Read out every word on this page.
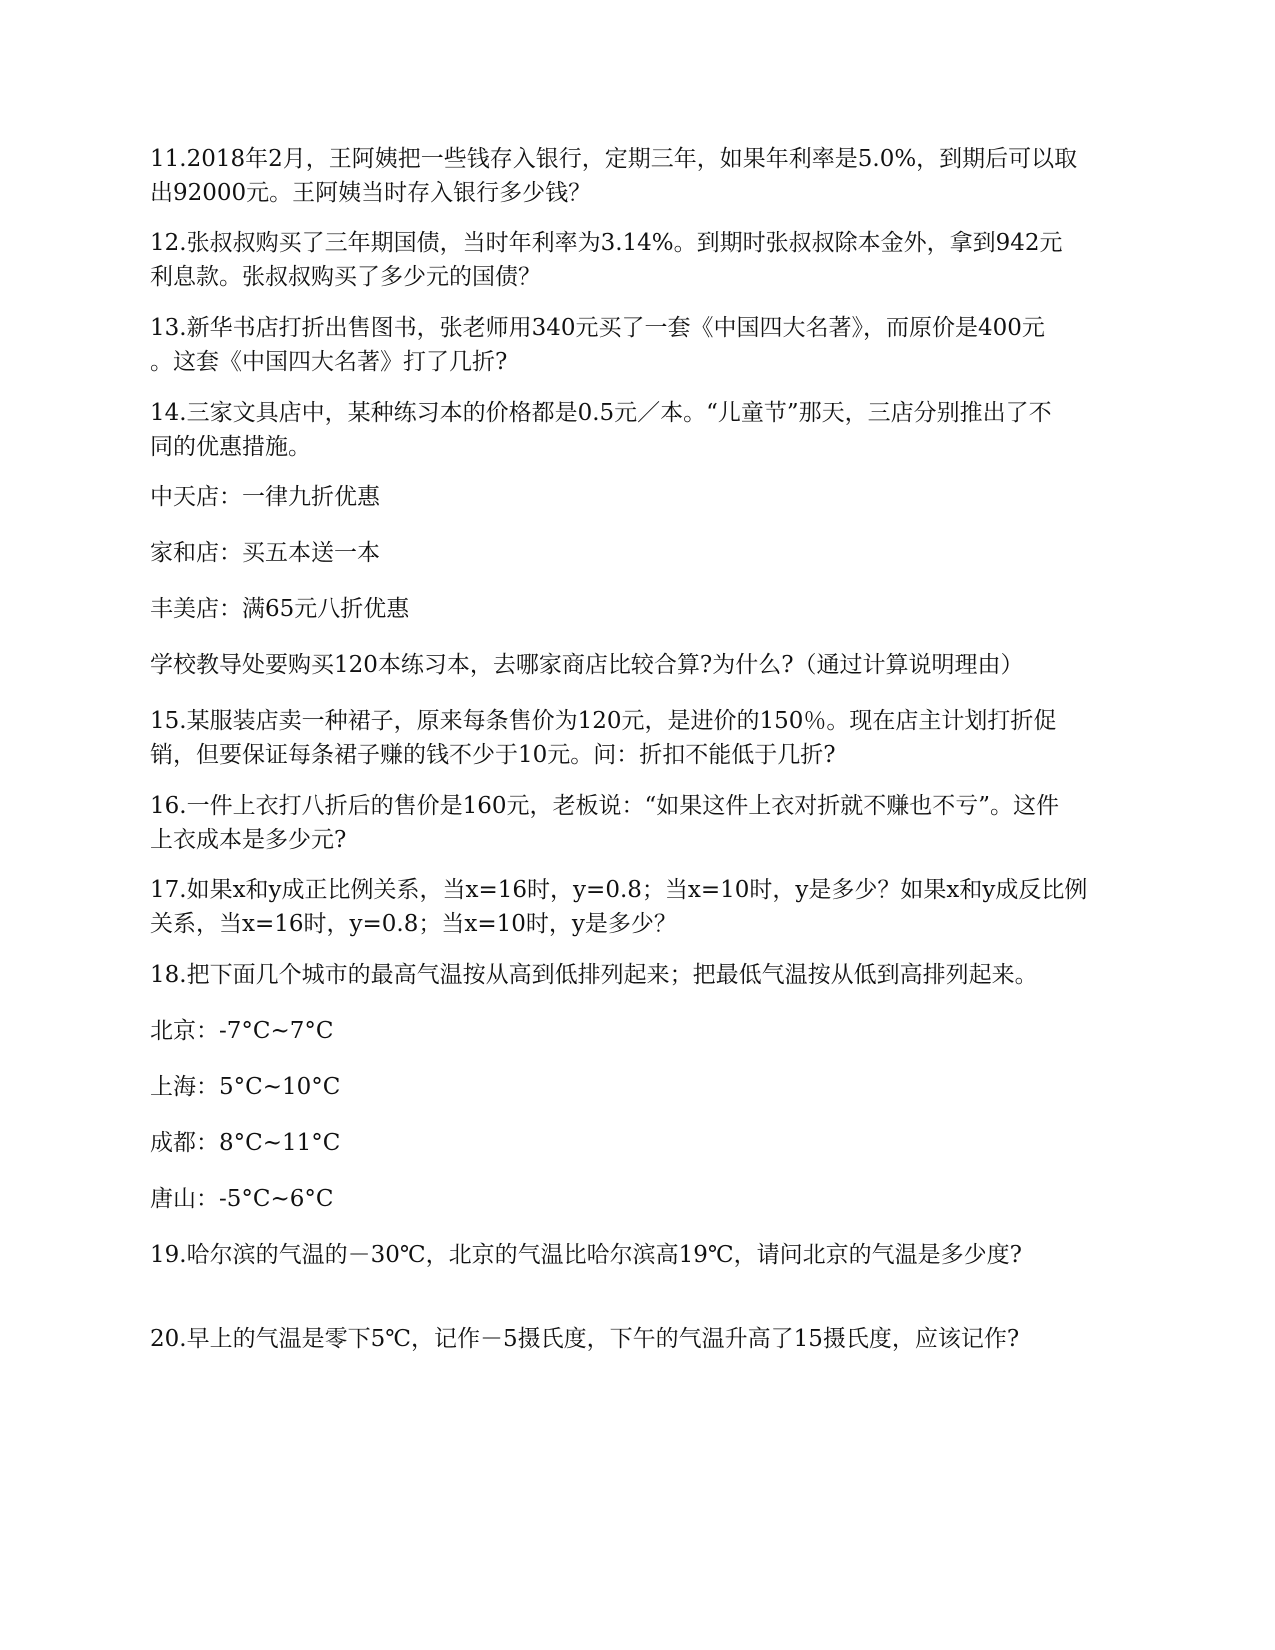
11.2018年2月，王阿姨把一些钱存入银行，定期三年，如果年利率是5.0%，到期后可以取
出92000元。王阿姨当时存入银行多少钱？

12.张叔叔购买了三年期国债，当时年利率为3.14%。到期时张叔叔除本金外，拿到942元
利息款。张叔叔购买了多少元的国债？

13.新华书店打折出售图书，张老师用340元买了一套《中国四大名著》，而原价是400元
。这套《中国四大名著》打了几折?

14.三家文具店中，某种练习本的价格都是0.5元／本。“儿童节”那天，三店分别推出了不
同的优惠措施。

中天店：一律九折优惠

家和店：买五本送一本

丰美店：满65元八折优惠

学校教导处要购买120本练习本，去哪家商店比较合算?为什么?（通过计算说明理由）

15.某服装店卖一种裙子，原来每条售价为120元，是进价的150％。现在店主计划打折促
销，但要保证每条裙子赚的钱不少于10元。问：折扣不能低于几折?

16.一件上衣打八折后的售价是160元，老板说：“如果这件上衣对折就不赚也不亏”。这件
上衣成本是多少元?

17.如果x和y成正比例关系，当x=16时，y=0.8；当x=10时，y是多少？如果x和y成反比例
关系，当x=16时，y=0.8；当x=10时，y是多少？

18.把下面几个城市的最高气温按从高到低排列起来；把最低气温按从低到高排列起来。

北京：-7°C~7°C

上海：5°C~10°C

成都：8°C~11°C

唐山：-5°C~6°C

19.哈尔滨的气温的－30℃，北京的气温比哈尔滨高19℃，请问北京的气温是多少度?

20.早上的气温是零下5℃，记作－5摄氏度，下午的气温升高了15摄氏度，应该记作?
